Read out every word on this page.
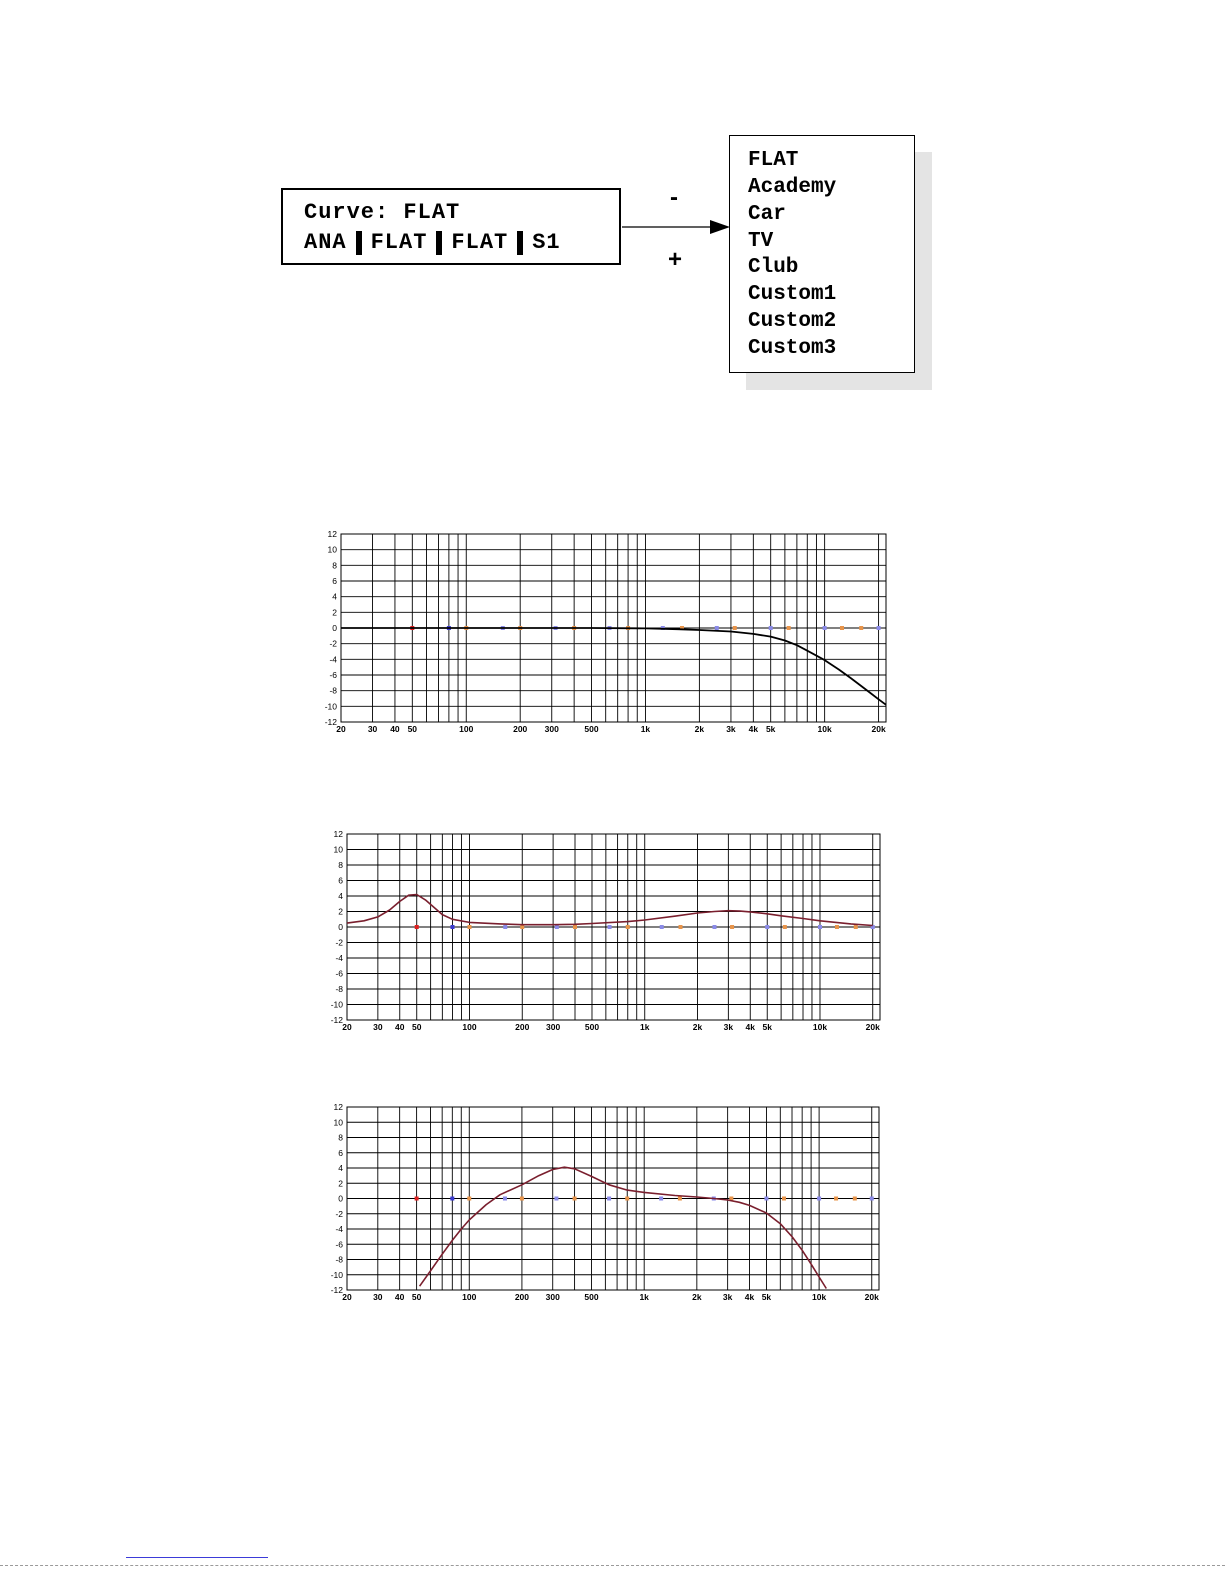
Curve: FLAT
ANA FLAT FLAT S1
-
+
FLAT
Academy
Car
TV
Club
Custom1
Custom2
Custom3
12
10
8
6
4
2
0
-2
-4
-6
-8
-10
-12
20	30 40 50	100	200 300	500	1k	2k	3k 4k 5k	10k	20k
12
10
8
6
4
2
0
-2
-4
-6
-8
-10
-12
20	30 40 50	100	200 300	500	1k	2k	3k 4k 5k	10k	20k
12
10
8
6
4
2
0
-2
-4
-6
-8
-10
-12
20	30 40 50	100	200 300	500	1k	2k	3k 4k 5k	10k	20k
